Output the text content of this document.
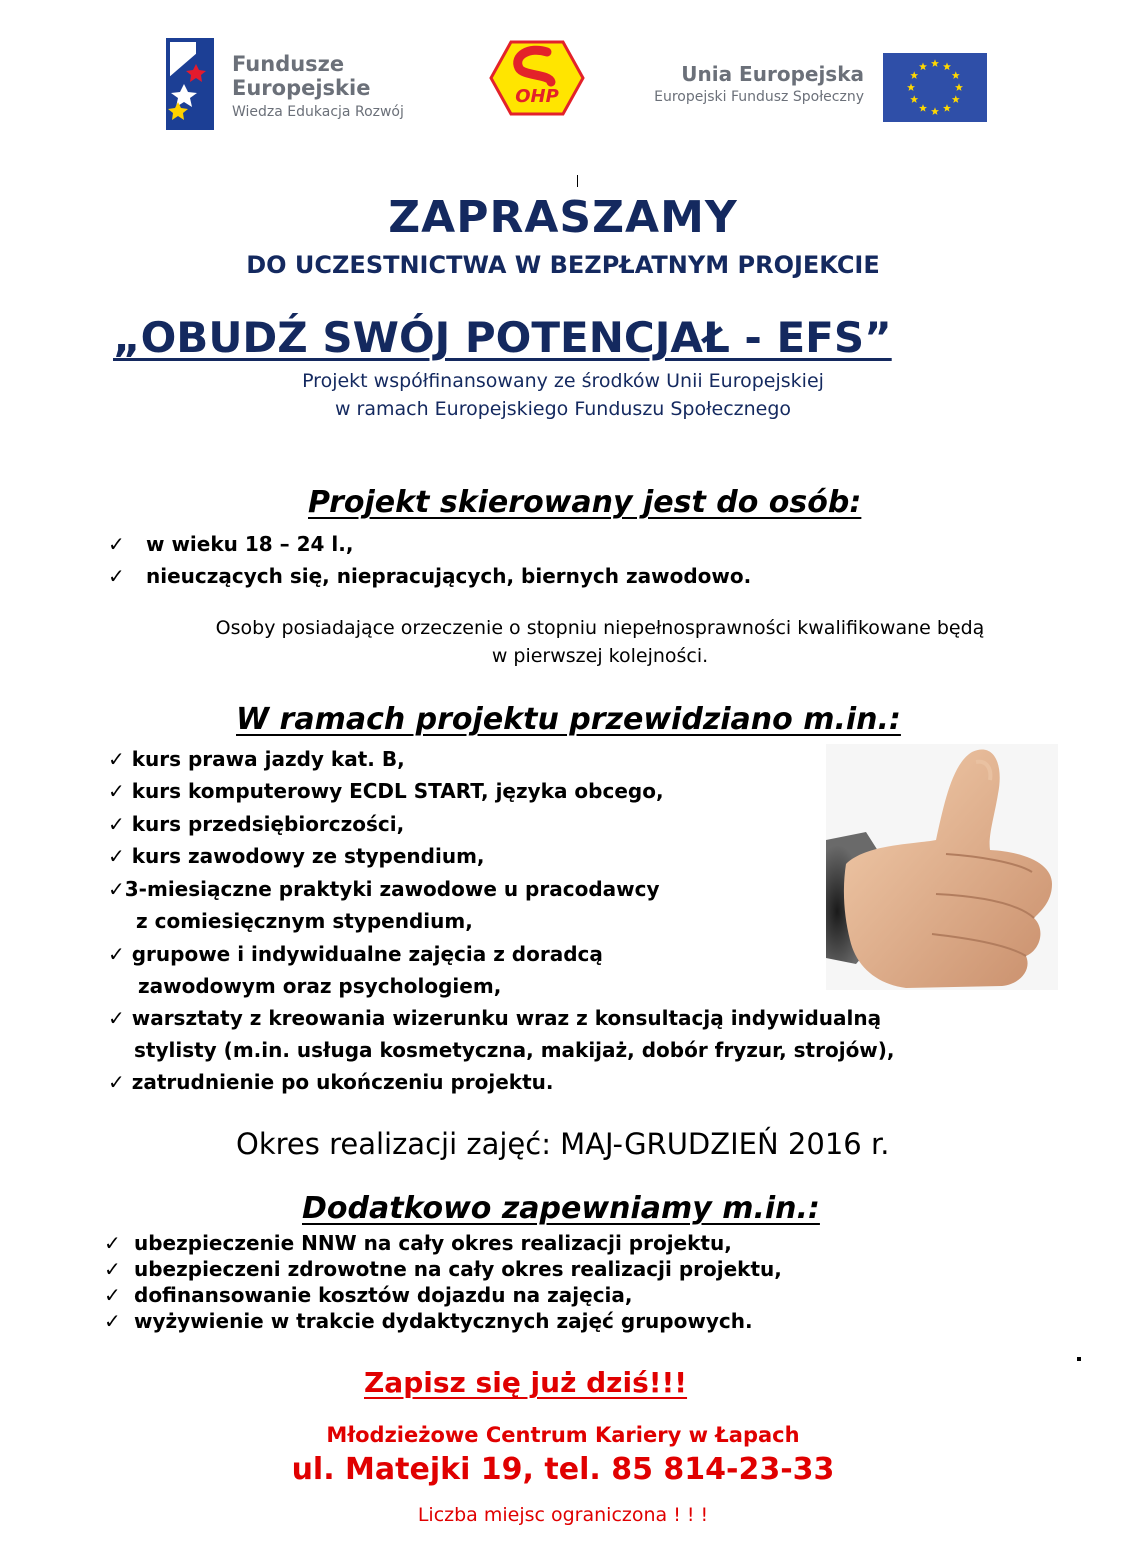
Fundusze
Europejskie
Wiedza Edukacja Rozwój
OHP
Unia Europejska
Europejski Fundusz Społeczny
ZAPRASZAMY
DO UCZESTNICTWA W BEZPŁATNYM PROJEKCIE
„OBUDŹ SWÓJ POTENCJAŁ - EFS”
Projekt współfinansowany ze środków Unii Europejskiej
w ramach Europejskiego Funduszu Społecznego
Projekt skierowany jest do osób:
✓ w wieku 18 – 24 l.,
✓ nieuczących się, niepracujących, biernych zawodowo.
Osoby posiadające orzeczenie o stopniu niepełnosprawności kwalifikowane będą
w pierwszej kolejności.
W ramach projektu przewidziano m.in.:
✓ kurs prawa jazdy kat. B,
✓ kurs komputerowy ECDL START, języka obcego,
✓ kurs przedsiębiorczości,
✓ kurs zawodowy ze stypendium,
✓3-miesiączne praktyki zawodowe u pracodawcy
z comiesięcznym stypendium,
✓ grupowe i indywidualne zajęcia z doradcą
zawodowym oraz psychologiem,
✓ warsztaty z kreowania wizerunku wraz z konsultacją indywidualną
stylisty (m.in. usługa kosmetyczna, makijaż, dobór fryzur, strojów),
✓ zatrudnienie po ukończeniu projektu.
Okres realizacji zajęć: MAJ-GRUDZIEŃ 2016 r.
Dodatkowo zapewniamy m.in.:
✓ ubezpieczenie NNW na cały okres realizacji projektu,
✓ ubezpieczeni zdrowotne na cały okres realizacji projektu,
✓ dofinansowanie kosztów dojazdu na zajęcia,
✓ wyżywienie w trakcie dydaktycznych zajęć grupowych.
Zapisz się już dziś!!!
Młodzieżowe Centrum Kariery w Łapach
ul. Matejki 19, tel. 85 814-23-33
Liczba miejsc ograniczona ! ! !
